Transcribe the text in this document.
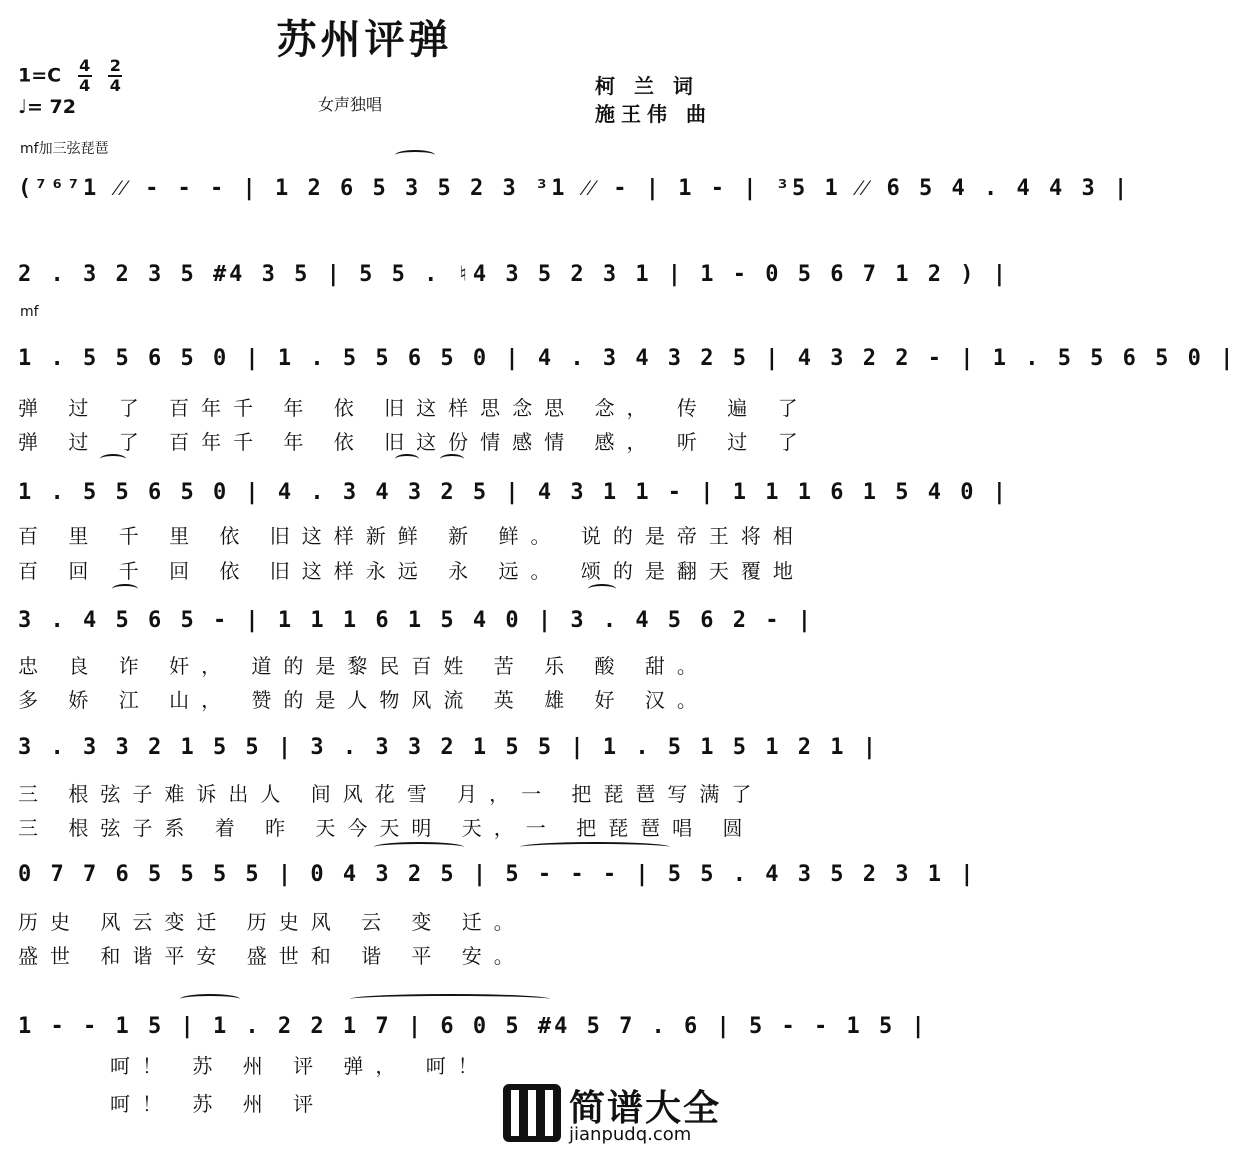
苏州评弹
$1=C \frac{4}{4}$
$\frac{2}{4}$
♩= 72	女声独唱
柯 兰 词
施王伟 曲
mf加三弦琵琶
mf
(⁷⁶⁷1 ⁄⁄ - - - | 1 2 6 5 3 5 2 3 ³1 ⁄⁄ - | 1 - | ³5 1 ⁄⁄ 6 5 4 . 4 4 3 |
2 . 3 2 3 5 #4 3 5 | 5 5 . ♮4 3 5 2 3 1 | 1 - 0 5 6 7 1 2 ) |
1 . 5 5 6 5 0 | 1 . 5 5 6 5 0 | 4 . 3 4 3 2 5 | 4 3 2 2 - | 1 . 5 5 6 5 0 |
弹 过 了 百年千 年 依 旧这样思念思 念， 传 遍 了
弹 过 了 百年千 年 依 旧这份情感情 感， 听 过 了
1 . 5 5 6 5 0 | 4 . 3 4 3 2 5 | 4 3 1 1 - | 1 1 1 6 1 5 4 0 |
百 里 千 里 依 旧这样新鲜 新 鲜。 说的是帝王将相
百 回 千 回 依 旧这样永远 永 远。 颂的是翻天覆地
3 . 4 5 6 5 - | 1 1 1 6 1 5 4 0 | 3 . 4 5 6 2 - |
忠 良 诈 奸， 道的是黎民百姓 苦 乐 酸 甜。
多 娇 江 山， 赞的是人物风流 英 雄 好 汉。
3 . 3 3 2 1 5 5 | 3 . 3 3 2 1 5 5 | 1 . 5 1 5 1 2 1 |
三 根弦子难诉出人 间风花雪 月，一 把琵琶写满了
三 根弦子系 着 昨 天今天明 天，一 把琵琶唱 圆
0 7 7 6 5 5 5 5 | 0 4 3 2 5 | 5 - - - | 5 5 . 4 3 5 2 3 1 |
历史 风云变迁 历史风 云 变 迁。
盛世 和谐平安 盛世和 谐 平 安。
1 - - 1 5 | 1 . 2 2 1 7 | 6 0 5 #4 5 7 . 6 | 5 - - 1 5 |
呵！ 苏 州 评 弹， 呵！
呵！ 苏 州 评	简谱大全
jianpudq.com
